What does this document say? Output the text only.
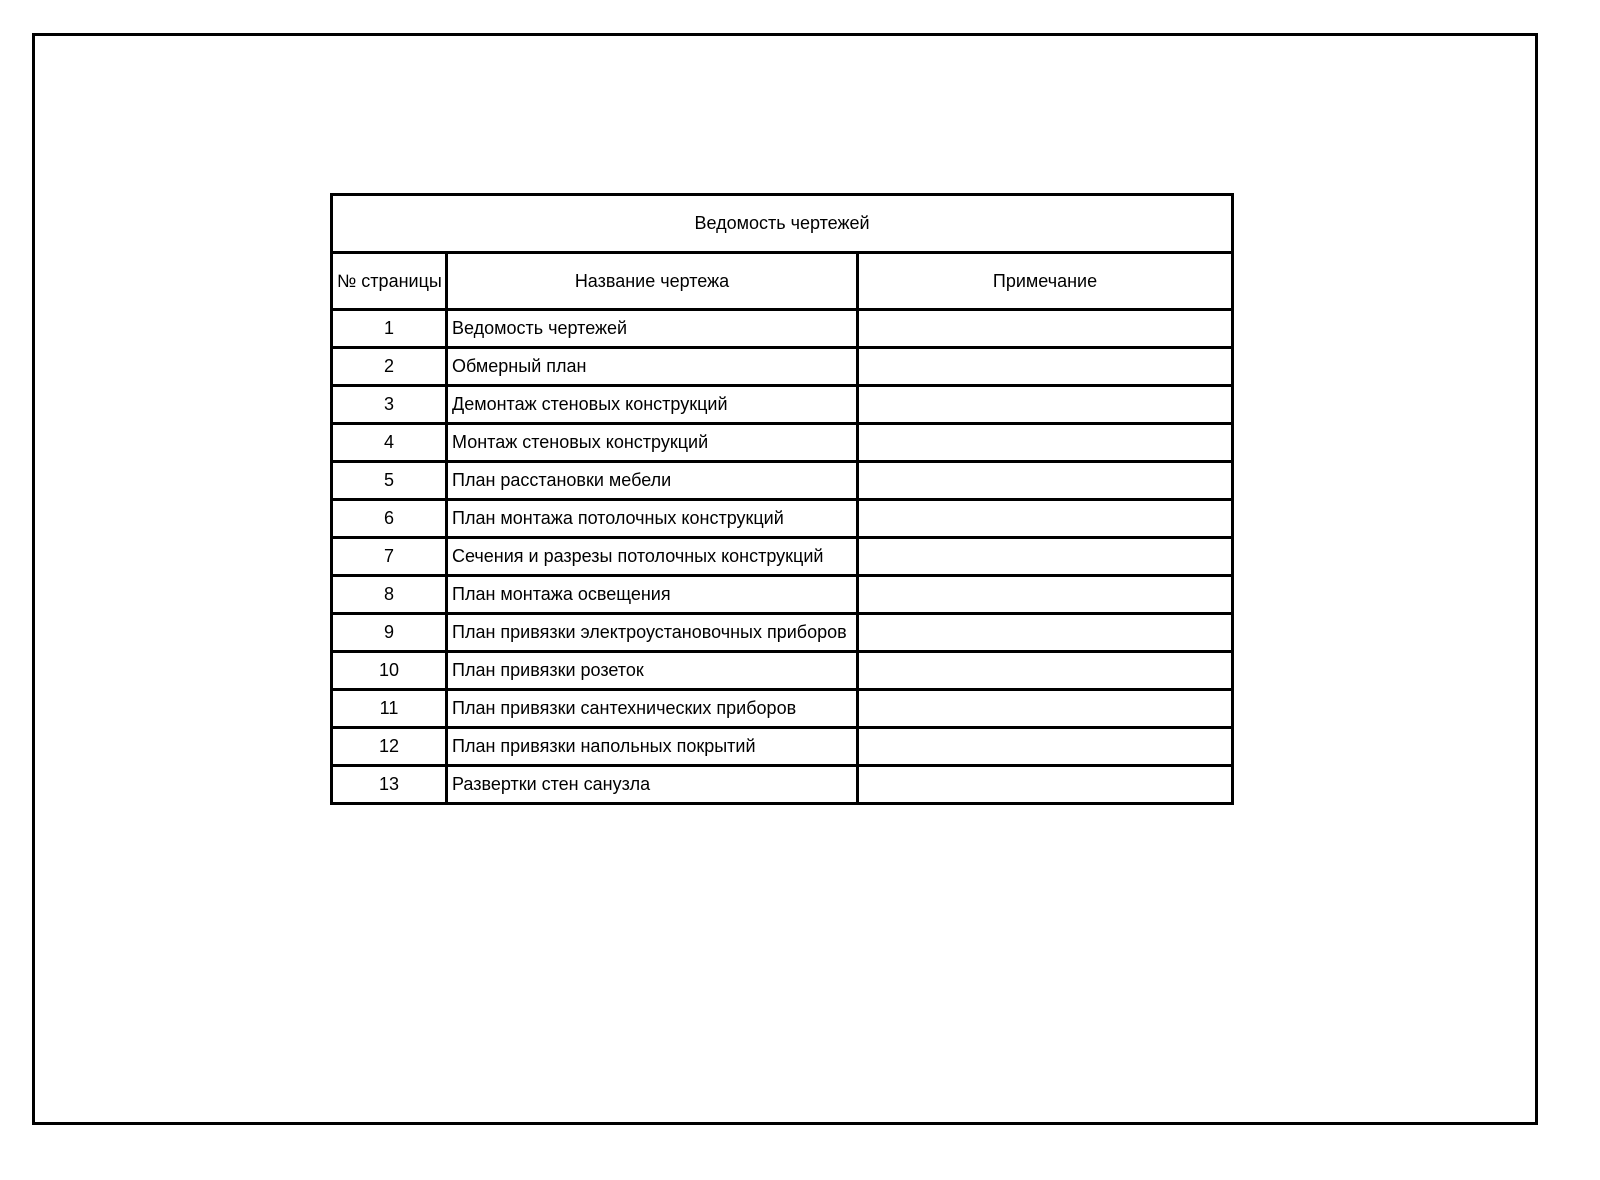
Ведомость чертежей		
№ страницы	Название чертежа	Примечание
1	Ведомость чертежей	
2	Обмерный план	
3	Демонтаж стеновых конструкций	
4	Монтаж стеновых конструкций	
5	План расстановки мебели	
6	План монтажа потолочных конструкций	
7	Сечения и разрезы потолочных конструкций	
8	План монтажа освещения	
9	План привязки электроустановочных приборов	
10	План привязки розеток	
11	План привязки сантехнических приборов	
12	План привязки напольных покрытий	
13	Развертки стен санузла	
